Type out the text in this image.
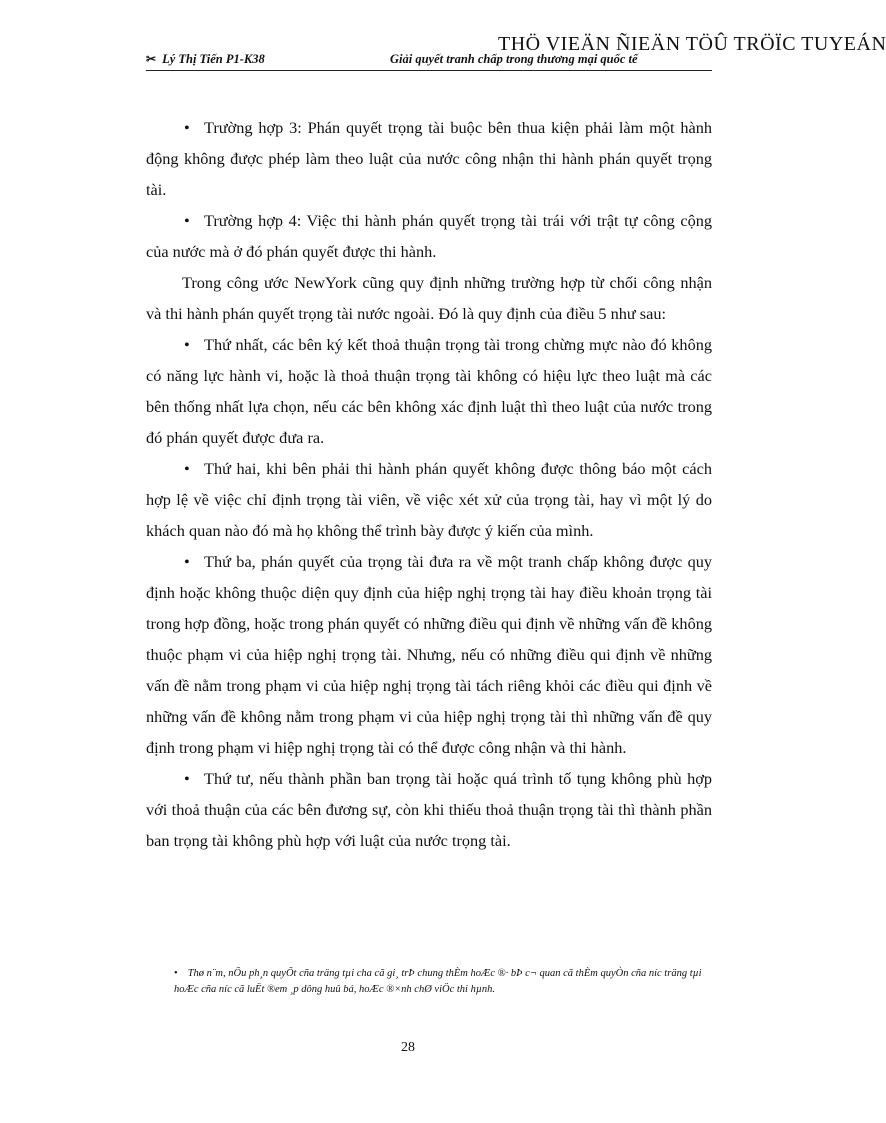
✂ Lý Thị Tiến P1-K38	Giải quyết tranh chấp trong thương mại quốc tế
THÖ VIEÄN ÑIEÄN TÖÛ TRÖÏC TUYEÁN

• Trường hợp 3: Phán quyết trọng tài buộc bên thua kiện phải làm một hành động không được phép làm theo luật của nước công nhận thi hành phán quyết trọng tài.

• Trường hợp 4: Việc thi hành phán quyết trọng tài trái với trật tự công cộng của nước mà ở đó phán quyết được thi hành.

Trong công ước NewYork cũng quy định những trường hợp từ chối công nhận và thi hành phán quyết trọng tài nước ngoài. Đó là quy định của điều 5 như sau:

• Thứ nhất, các bên ký kết thoả thuận trọng tài trong chừng mực nào đó không có năng lực hành vi, hoặc là thoả thuận trọng tài không có hiệu lực theo luật mà các bên thống nhất lựa chọn, nếu các bên không xác định luật thì theo luật của nước trong đó phán quyết được đưa ra.

• Thứ hai, khi bên phải thi hành phán quyết không được thông báo một cách hợp lệ về việc chỉ định trọng tài viên, về việc xét xử của trọng tài, hay vì một lý do khách quan nào đó mà họ không thể trình bày được ý kiến của mình.

• Thứ ba, phán quyết của trọng tài đưa ra về một tranh chấp không được quy định hoặc không thuộc diện quy định của hiệp nghị trọng tài hay điều khoản trọng tài trong hợp đồng, hoặc trong phán quyết có những điều qui định về những vấn đề không thuộc phạm vi của hiệp nghị trọng tài. Nhưng, nếu có những điều qui định về những vấn đề nằm trong phạm vi của hiệp nghị trọng tài tách riêng khỏi các điều qui định về những vấn đề không nằm trong phạm vi của hiệp nghị trọng tài thì những vấn đề quy định trong phạm vi hiệp nghị trọng tài có thể được công nhận và thi hành.

• Thứ tư, nếu thành phần ban trọng tài hoặc quá trình tố tụng không phù hợp với thoả thuận của các bên đương sự, còn khi thiếu thoả thuận trọng tài thì thành phần ban trọng tài không phù hợp với luật của nước trọng tài.

• Thø n¨m, nÕu ph¸n quyÕt cña träng tµi cha cã gi¸ trÞ chung thÈm hoÆc ®· bÞ c¬ quan cã thÈm quyÒn cña níc träng tµi hoÆc cña níc cã luËt ®em ¸p dông huû bá, hoÆc ®×nh chØ viÖc thi hµnh.
28
